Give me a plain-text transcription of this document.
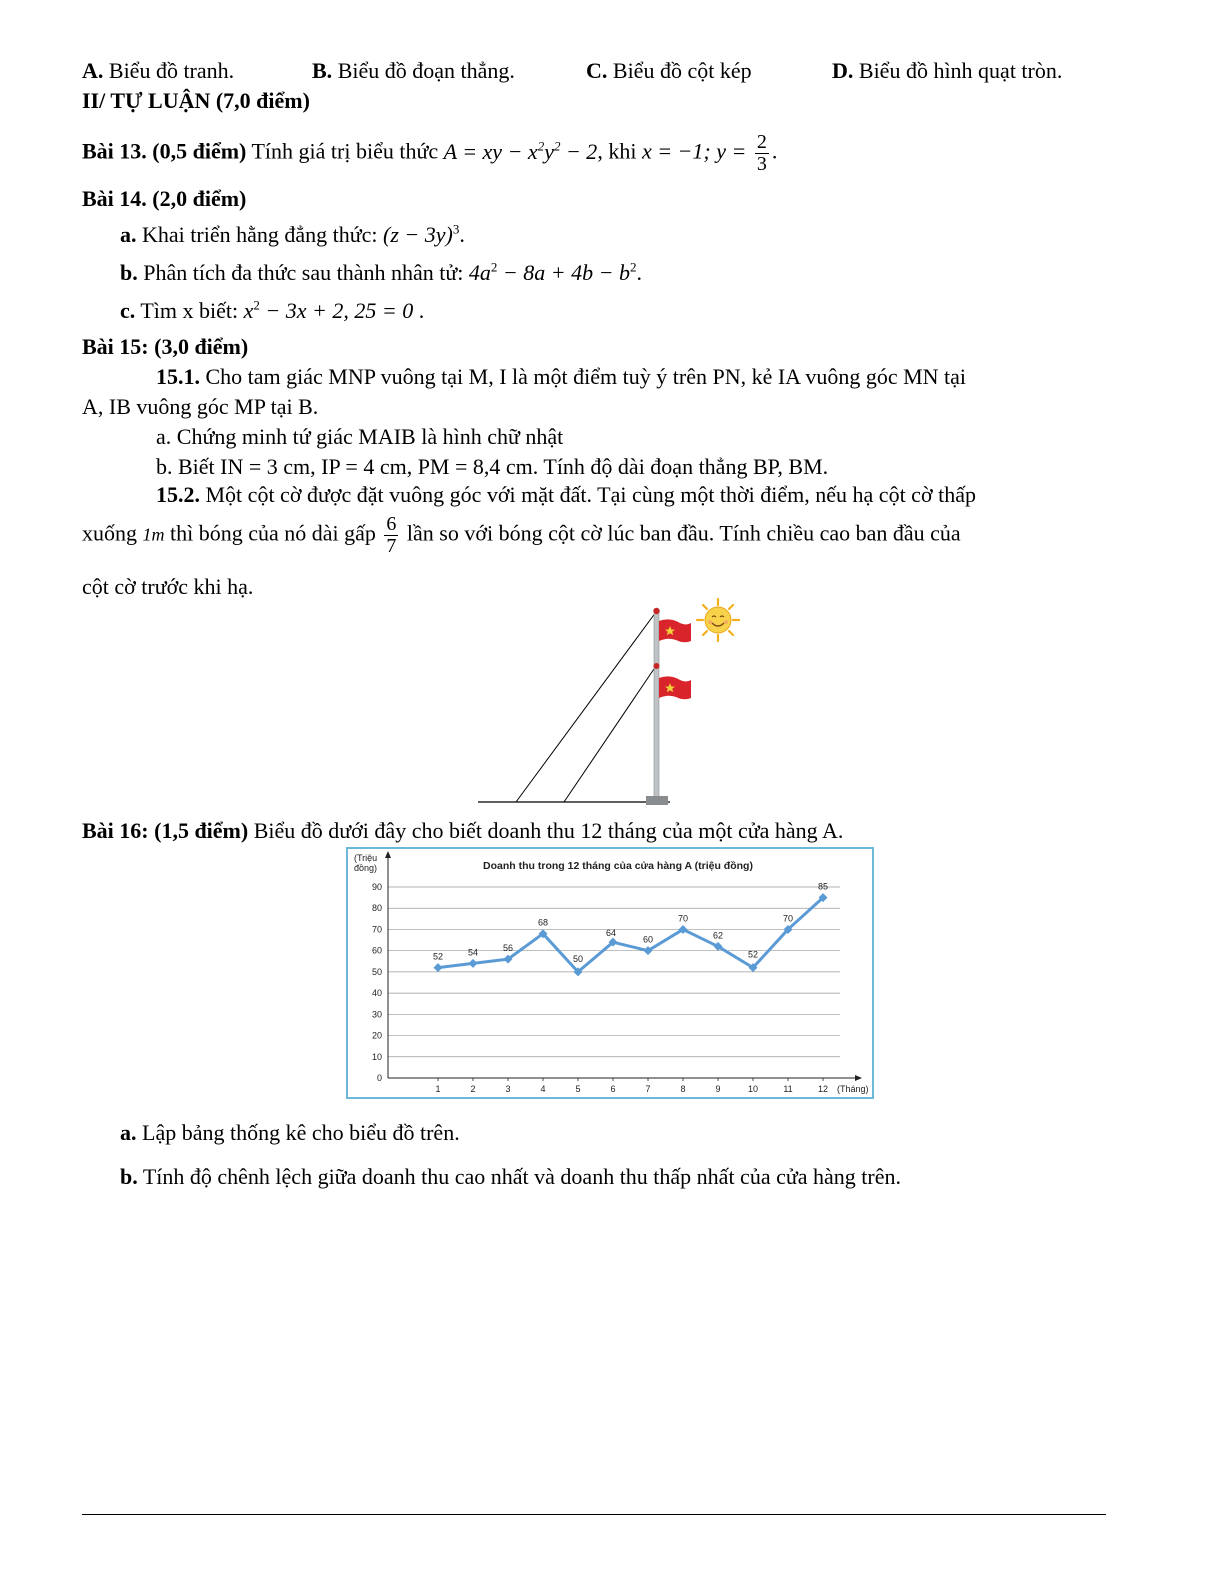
A. Biểu đồ tranh.	B. Biểu đồ đoạn thẳng.	C. Biểu đồ cột kép	D. Biểu đồ hình quạt tròn.
II/ TỰ LUẬN (7,0 điểm)
Bài 13. (0,5 điểm) Tính giá trị biểu thức A = xy − $x^2y^2 - 2$, khi x = −1; $y = \frac{2}{3}$ .
Bài 14. (2,0 điểm)
a. Khai triển hằng đẳng thức: $(z - 3y)^3$.
b. Phân tích đa thức sau thành nhân tử: $4a^2 - 8a + 4b - b^2$.
c. Tìm x biết: $x^2 - 3x + 2$, 25 = 0 .
Bài 15: (3,0 điểm)
15.1. Cho tam giác MNP vuông tại M, I là một điểm tuỳ ý trên PN, kẻ IA vuông góc MN tại
A, IB vuông góc MP tại B.
a. Chứng minh tứ giác MAIB là hình chữ nhật
b. Biết IN = 3 cm, IP = 4 cm, PM = 8,4 cm. Tính độ dài đoạn thẳng BP, BM.
15.2. Một cột cờ được đặt vuông góc với mặt đất. Tại cùng một thời điểm, nếu hạ cột cờ thấp
xuống 1m thì bóng của nó dài gấp $\frac{6}{7}$ lần so với bóng cột cờ lúc ban đầu. Tính chiều cao ban đầu của
cột cờ trước khi hạ.
Bài 16: (1,5 điểm) Biểu đồ dưới đây cho biết doanh thu 12 tháng của một cửa hàng A.
0
10
20
30
40
50
60
70
80
90
(Triệu
đồng)	Doanh thu trong 12 tháng của cửa hàng A (triệu đồng)
1	2	3	4	5	6	7	8	9	10	11	12 (Tháng)
52	54	56
68
50
64
60
70
62
52
70
85
a. Lập bảng thống kê cho biểu đồ trên.
b. Tính độ chênh lệch giữa doanh thu cao nhất và doanh thu thấp nhất của cửa hàng trên.
